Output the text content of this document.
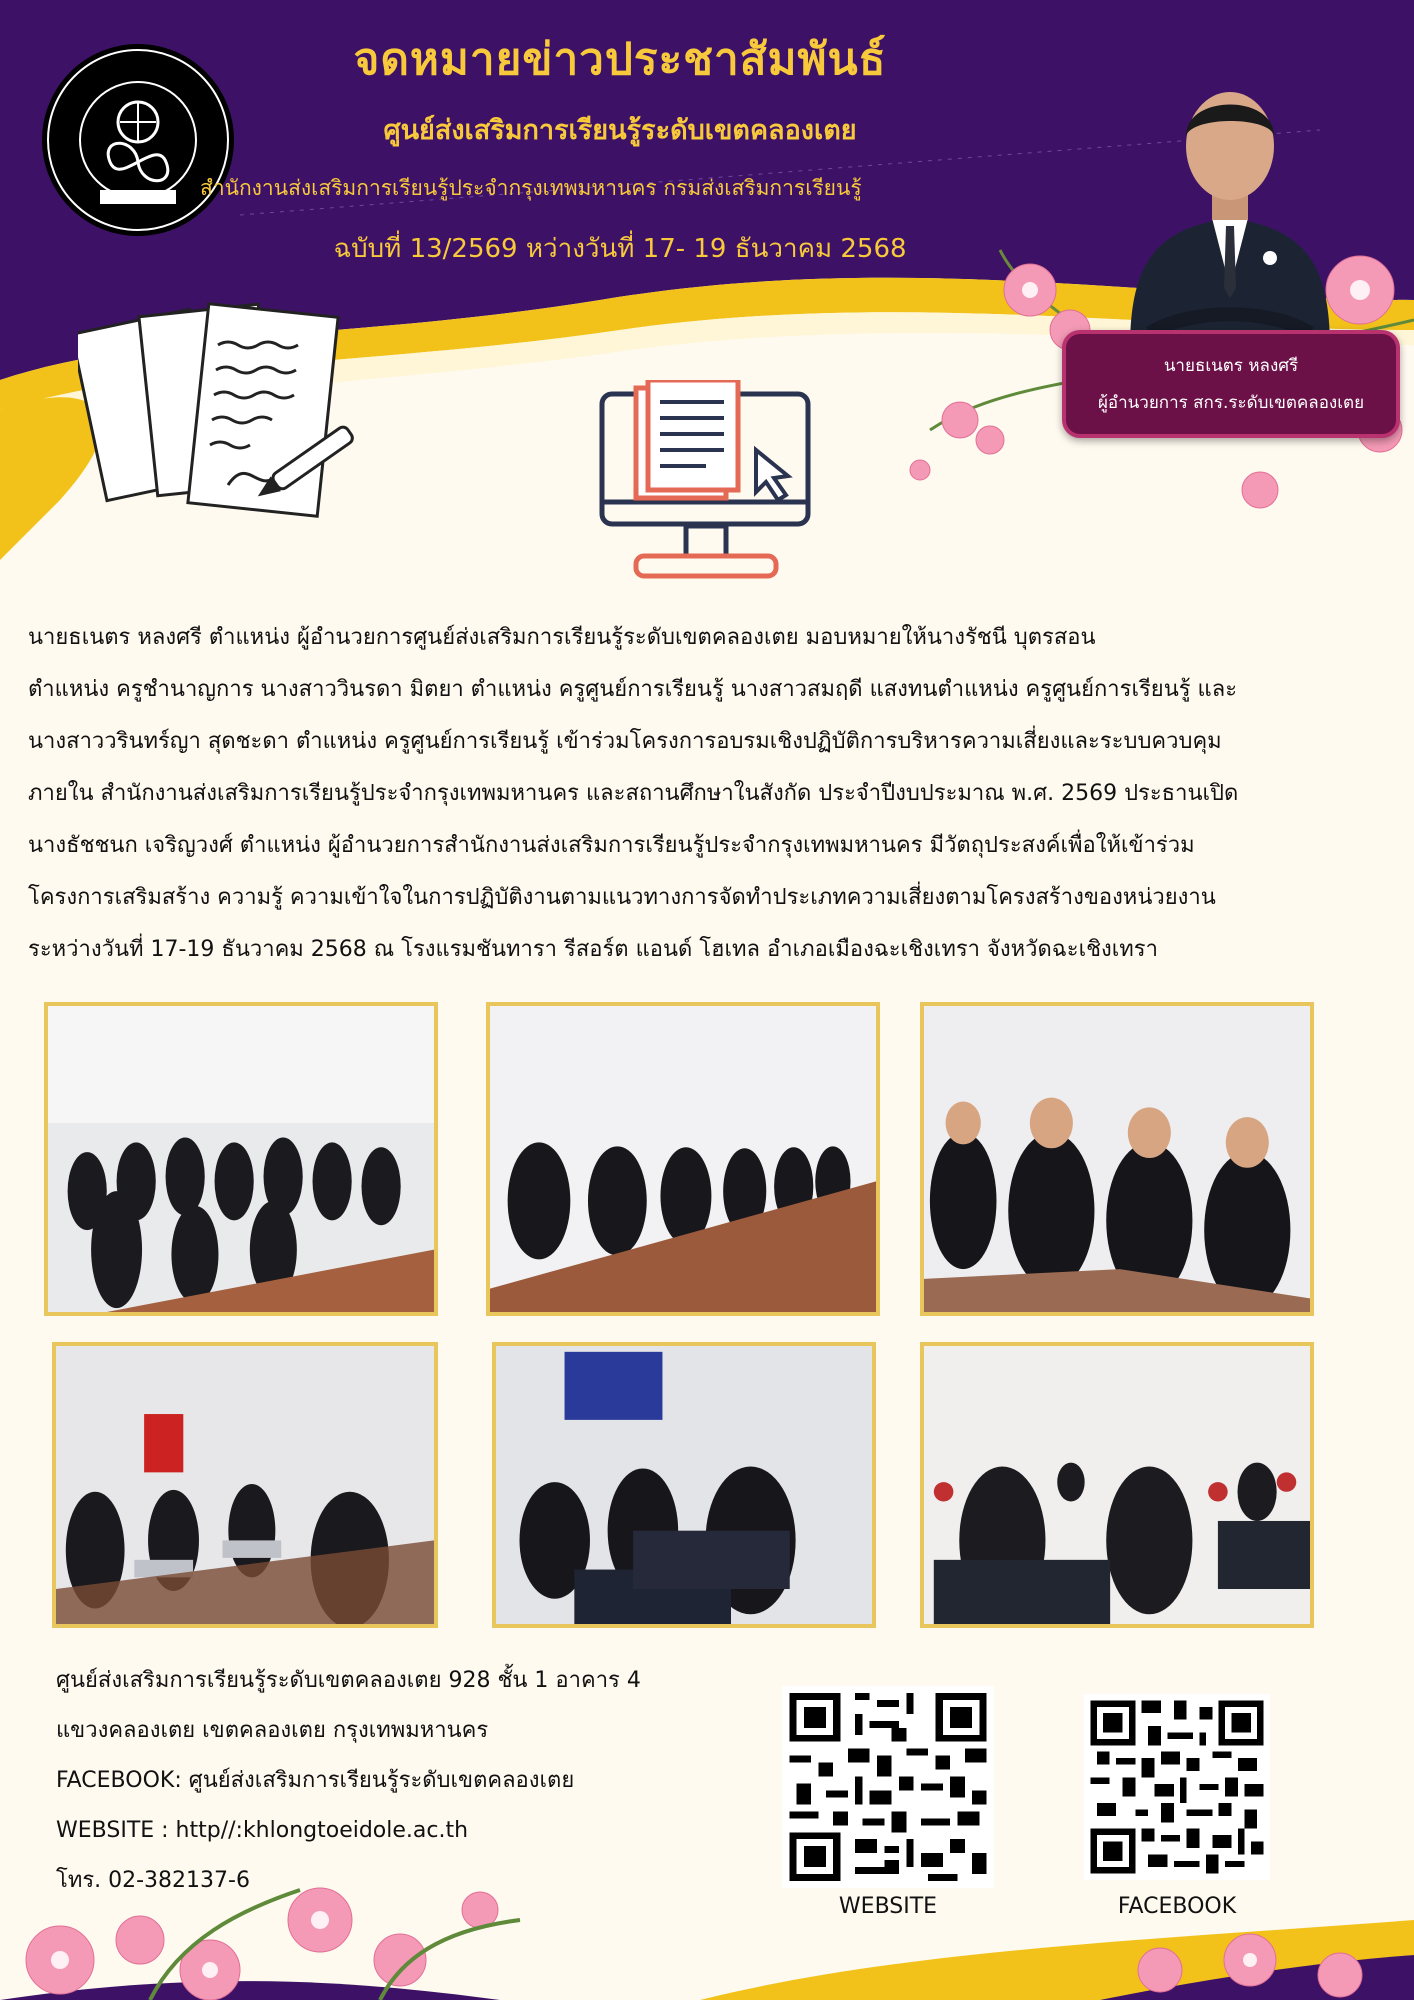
จดหมายข่าวประชาสัมพันธ์
ศูนย์ส่งเสริมการเรียนรู้ระดับเขตคลองเตย
สำนักงานส่งเสริมการเรียนรู้ประจำกรุงเทพมหานคร กรมส่งเสริมการเรียนรู้
ฉบับที่ 13/2569 หว่างวันที่ 17- 19 ธันวาคม 2568
นายธเนตร หลงศรี
ผู้อำนวยการ สกร.ระดับเขตคลองเตย
นายธเนตร หลงศรี ตำแหน่ง ผู้อำนวยการศูนย์ส่งเสริมการเรียนรู้ระดับเขตคลองเตย มอบหมายให้นางรัชนี บุตรสอน
ตำแหน่ง ครูชำนาญการ นางสาววินรดา มิตยา ตำแหน่ง ครูศูนย์การเรียนรู้ นางสาวสมฤดี แสงทนตำแหน่ง ครูศูนย์การเรียนรู้ และ
นางสาววรินทร์ญา สุดชะดา ตำแหน่ง ครูศูนย์การเรียนรู้ เข้าร่วมโครงการอบรมเชิงปฏิบัติการบริหารความเสี่ยงและระบบควบคุม
ภายใน สำนักงานส่งเสริมการเรียนรู้ประจำกรุงเทพมหานคร และสถานศึกษาในสังกัด ประจำปีงบประมาณ พ.ศ. 2569 ประธานเปิด
นางธัชชนก เจริญวงศ์ ตำแหน่ง ผู้อำนวยการสำนักงานส่งเสริมการเรียนรู้ประจำกรุงเทพมหานคร มีวัตถุประสงค์เพื่อให้เข้าร่วม
โครงการเสริมสร้าง ความรู้ ความเข้าใจในการปฏิบัติงานตามแนวทางการจัดทำประเภทความเสี่ยงตามโครงสร้างของหน่วยงาน
ระหว่างวันที่ 17-19 ธันวาคม 2568 ณ โรงแรมชันทารา รีสอร์ต แอนด์ โฮเทล อำเภอเมืองฉะเชิงเทรา จังหวัดฉะเชิงเทรา
ศูนย์ส่งเสริมการเรียนรู้ระดับเขตคลองเตย 928 ชั้น 1 อาคาร 4
แขวงคลองเตย เขตคลองเตย กรุงเทพมหานคร
FACEBOOK: ศูนย์ส่งเสริมการเรียนรู้ระดับเขตคลองเตย
WEBSITE : http//:khlongtoeidole.ac.th
โทร. 02-382137-6
WEBSITE	FACEBOOK
